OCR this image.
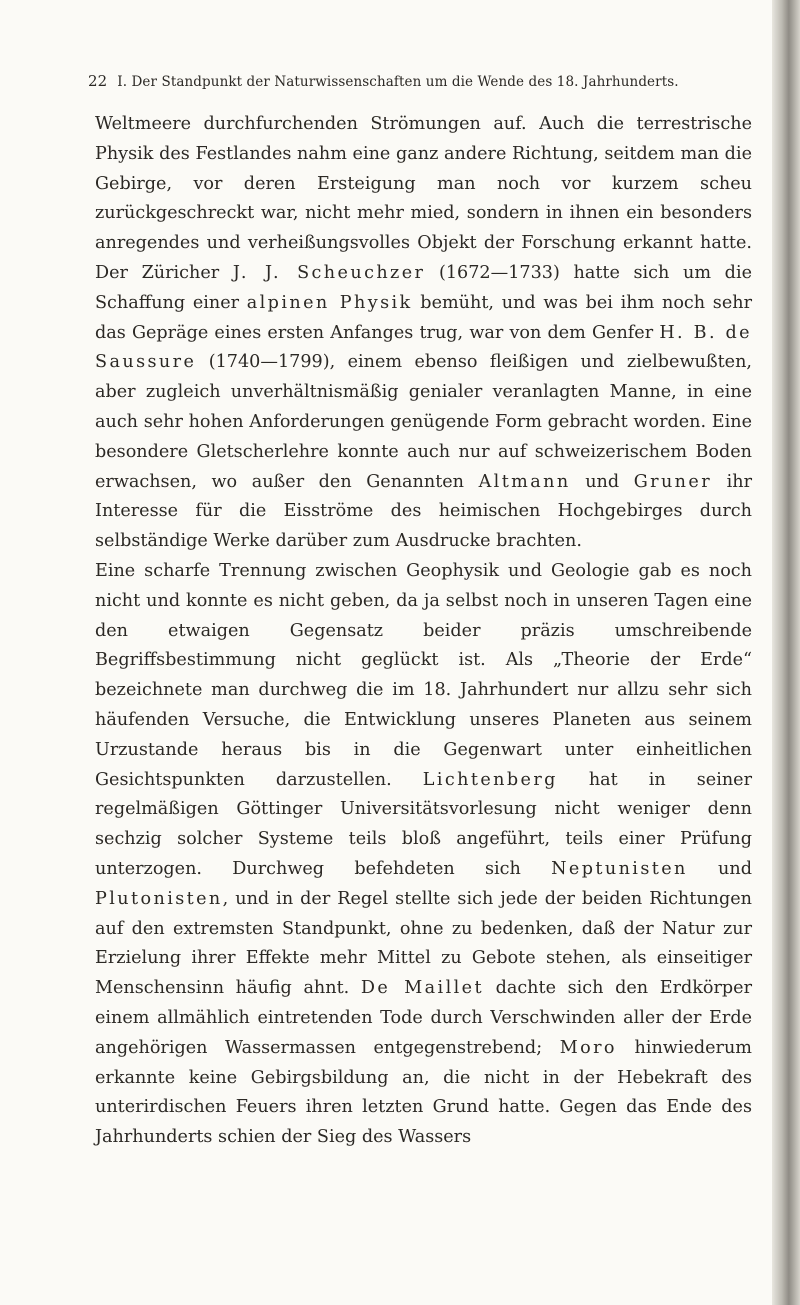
22 I. Der Standpunkt der Naturwissenschaften um die Wende des 18. Jahrhunderts.

Weltmeere durchfurchenden Strömungen auf. Auch die terrestrische Physik des Festlandes nahm eine ganz andere Richtung, seitdem man die Gebirge, vor deren Ersteigung man noch vor kurzem scheu zurückgeschreckt war, nicht mehr mied, sondern in ihnen ein besonders anregendes und verheißungsvolles Objekt der Forschung erkannt hatte. Der Züricher J. J. Scheuchzer (1672—1733) hatte sich um die Schaffung einer alpinen Physik bemüht, und was bei ihm noch sehr das Gepräge eines ersten Anfanges trug, war von dem Genfer H. B. de Saussure (1740—1799), einem ebenso fleißigen und zielbewußten, aber zugleich unverhältnismäßig genialer veranlagten Manne, in eine auch sehr hohen Anforderungen genügende Form gebracht worden. Eine besondere Gletscherlehre konnte auch nur auf schweizerischem Boden erwachsen, wo außer den Genannten Altmann und Gruner ihr Interesse für die Eisströme des heimischen Hochgebirges durch selbständige Werke darüber zum Ausdrucke brachten.

Eine scharfe Trennung zwischen Geophysik und Geologie gab es noch nicht und konnte es nicht geben, da ja selbst noch in unseren Tagen eine den etwaigen Gegensatz beider präzis umschreibende Begriffsbestimmung nicht geglückt ist. Als „Theorie der Erde“ bezeichnete man durchweg die im 18. Jahrhundert nur allzu sehr sich häufenden Versuche, die Entwicklung unseres Planeten aus seinem Urzustande heraus bis in die Gegenwart unter einheitlichen Gesichtspunkten darzustellen. Lichtenberg hat in seiner regelmäßigen Göttinger Universitätsvorlesung nicht weniger denn sechzig solcher Systeme teils bloß angeführt, teils einer Prüfung unterzogen. Durchweg befehdeten sich Neptunisten und Plutonisten, und in der Regel stellte sich jede der beiden Richtungen auf den extremsten Standpunkt, ohne zu bedenken, daß der Natur zur Erzielung ihrer Effekte mehr Mittel zu Gebote stehen, als einseitiger Menschensinn häufig ahnt. De Maillet dachte sich den Erdkörper einem allmählich eintretenden Tode durch Verschwinden aller der Erde angehörigen Wassermassen entgegenstrebend; Moro hinwiederum erkannte keine Gebirgsbildung an, die nicht in der Hebekraft des unterirdischen Feuers ihren letzten Grund hatte. Gegen das Ende des Jahrhunderts schien der Sieg des Wassers
